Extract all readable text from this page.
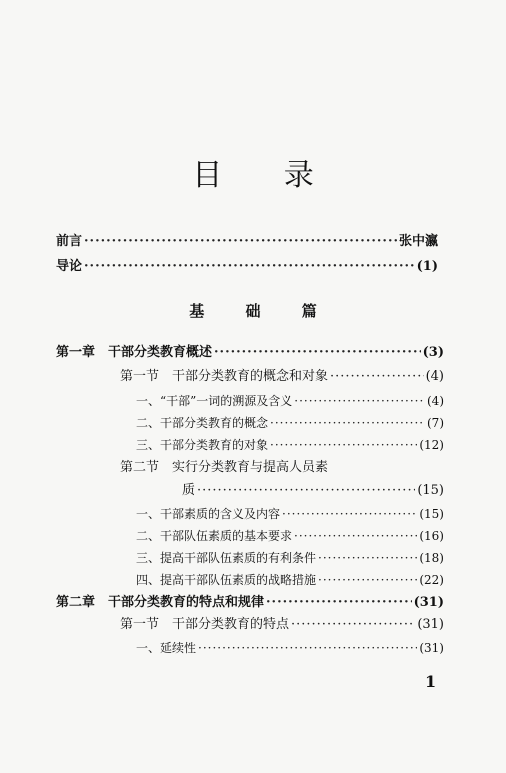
目 录
前言 ·····	张中瀛
导论 ·····	(1)
基 础 篇
第一章　干部分类教育概述 ·····	(3)
第一节　干部分类教育的概念和对象 ·····	(4)
一、“干部”一词的溯源及含义 ·····	(4)
二、干部分类教育的概念 ·····	(7)
三、干部分类教育的对象 ·····	(12)
第二节　实行分类教育与提高人员素
质 ·····	(15)
一、干部素质的含义及内容 ·····	(15)
二、干部队伍素质的基本要求 ·····	(16)
三、提高干部队伍素质的有利条件 ·····	(18)
四、提高干部队伍素质的战略措施 ·····	(22)
第二章　干部分类教育的特点和规律 ·····	(31)
第一节　干部分类教育的特点 ·····	(31)
一、延续性 ·····	(31)
1
